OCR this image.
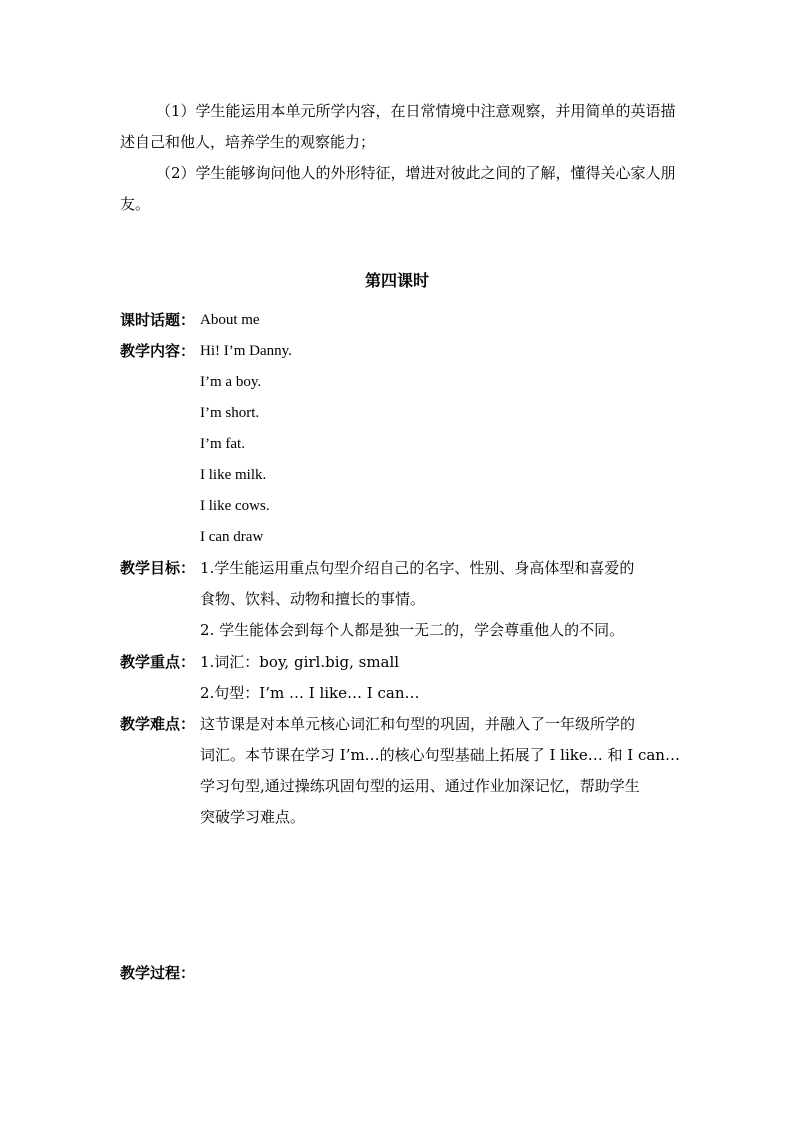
（1）学生能运用本单元所学内容，在日常情境中注意观察，并用简单的英语描述自己和他人，培养学生的观察能力；

（2）学生能够询问他人的外形特征，增进对彼此之间的了解，懂得关心家人朋友。

第四课时
课时话题： About me
教学内容： Hi! I’m Danny.
I’m a boy.
I’m short.
I’m fat.
I like milk.
I like cows.
I can draw
教学目标： 1.学生能运用重点句型介绍自己的名字、性别、身高体型和喜爱的
食物、饮料、动物和擅长的事情。
2. 学生能体会到每个人都是独一无二的，学会尊重他人的不同。
教学重点： 1.词汇：boy, girl.big, small
2.句型：I’m … I like… I can…
教学难点： 这节课是对本单元核心词汇和句型的巩固，并融入了一年级所学的
词汇。本节课在学习 I’m…的核心句型基础上拓展了 I like… 和 I can…
学习句型,通过操练巩固句型的运用、通过作业加深记忆，帮助学生
突破学习难点。
教学过程：
